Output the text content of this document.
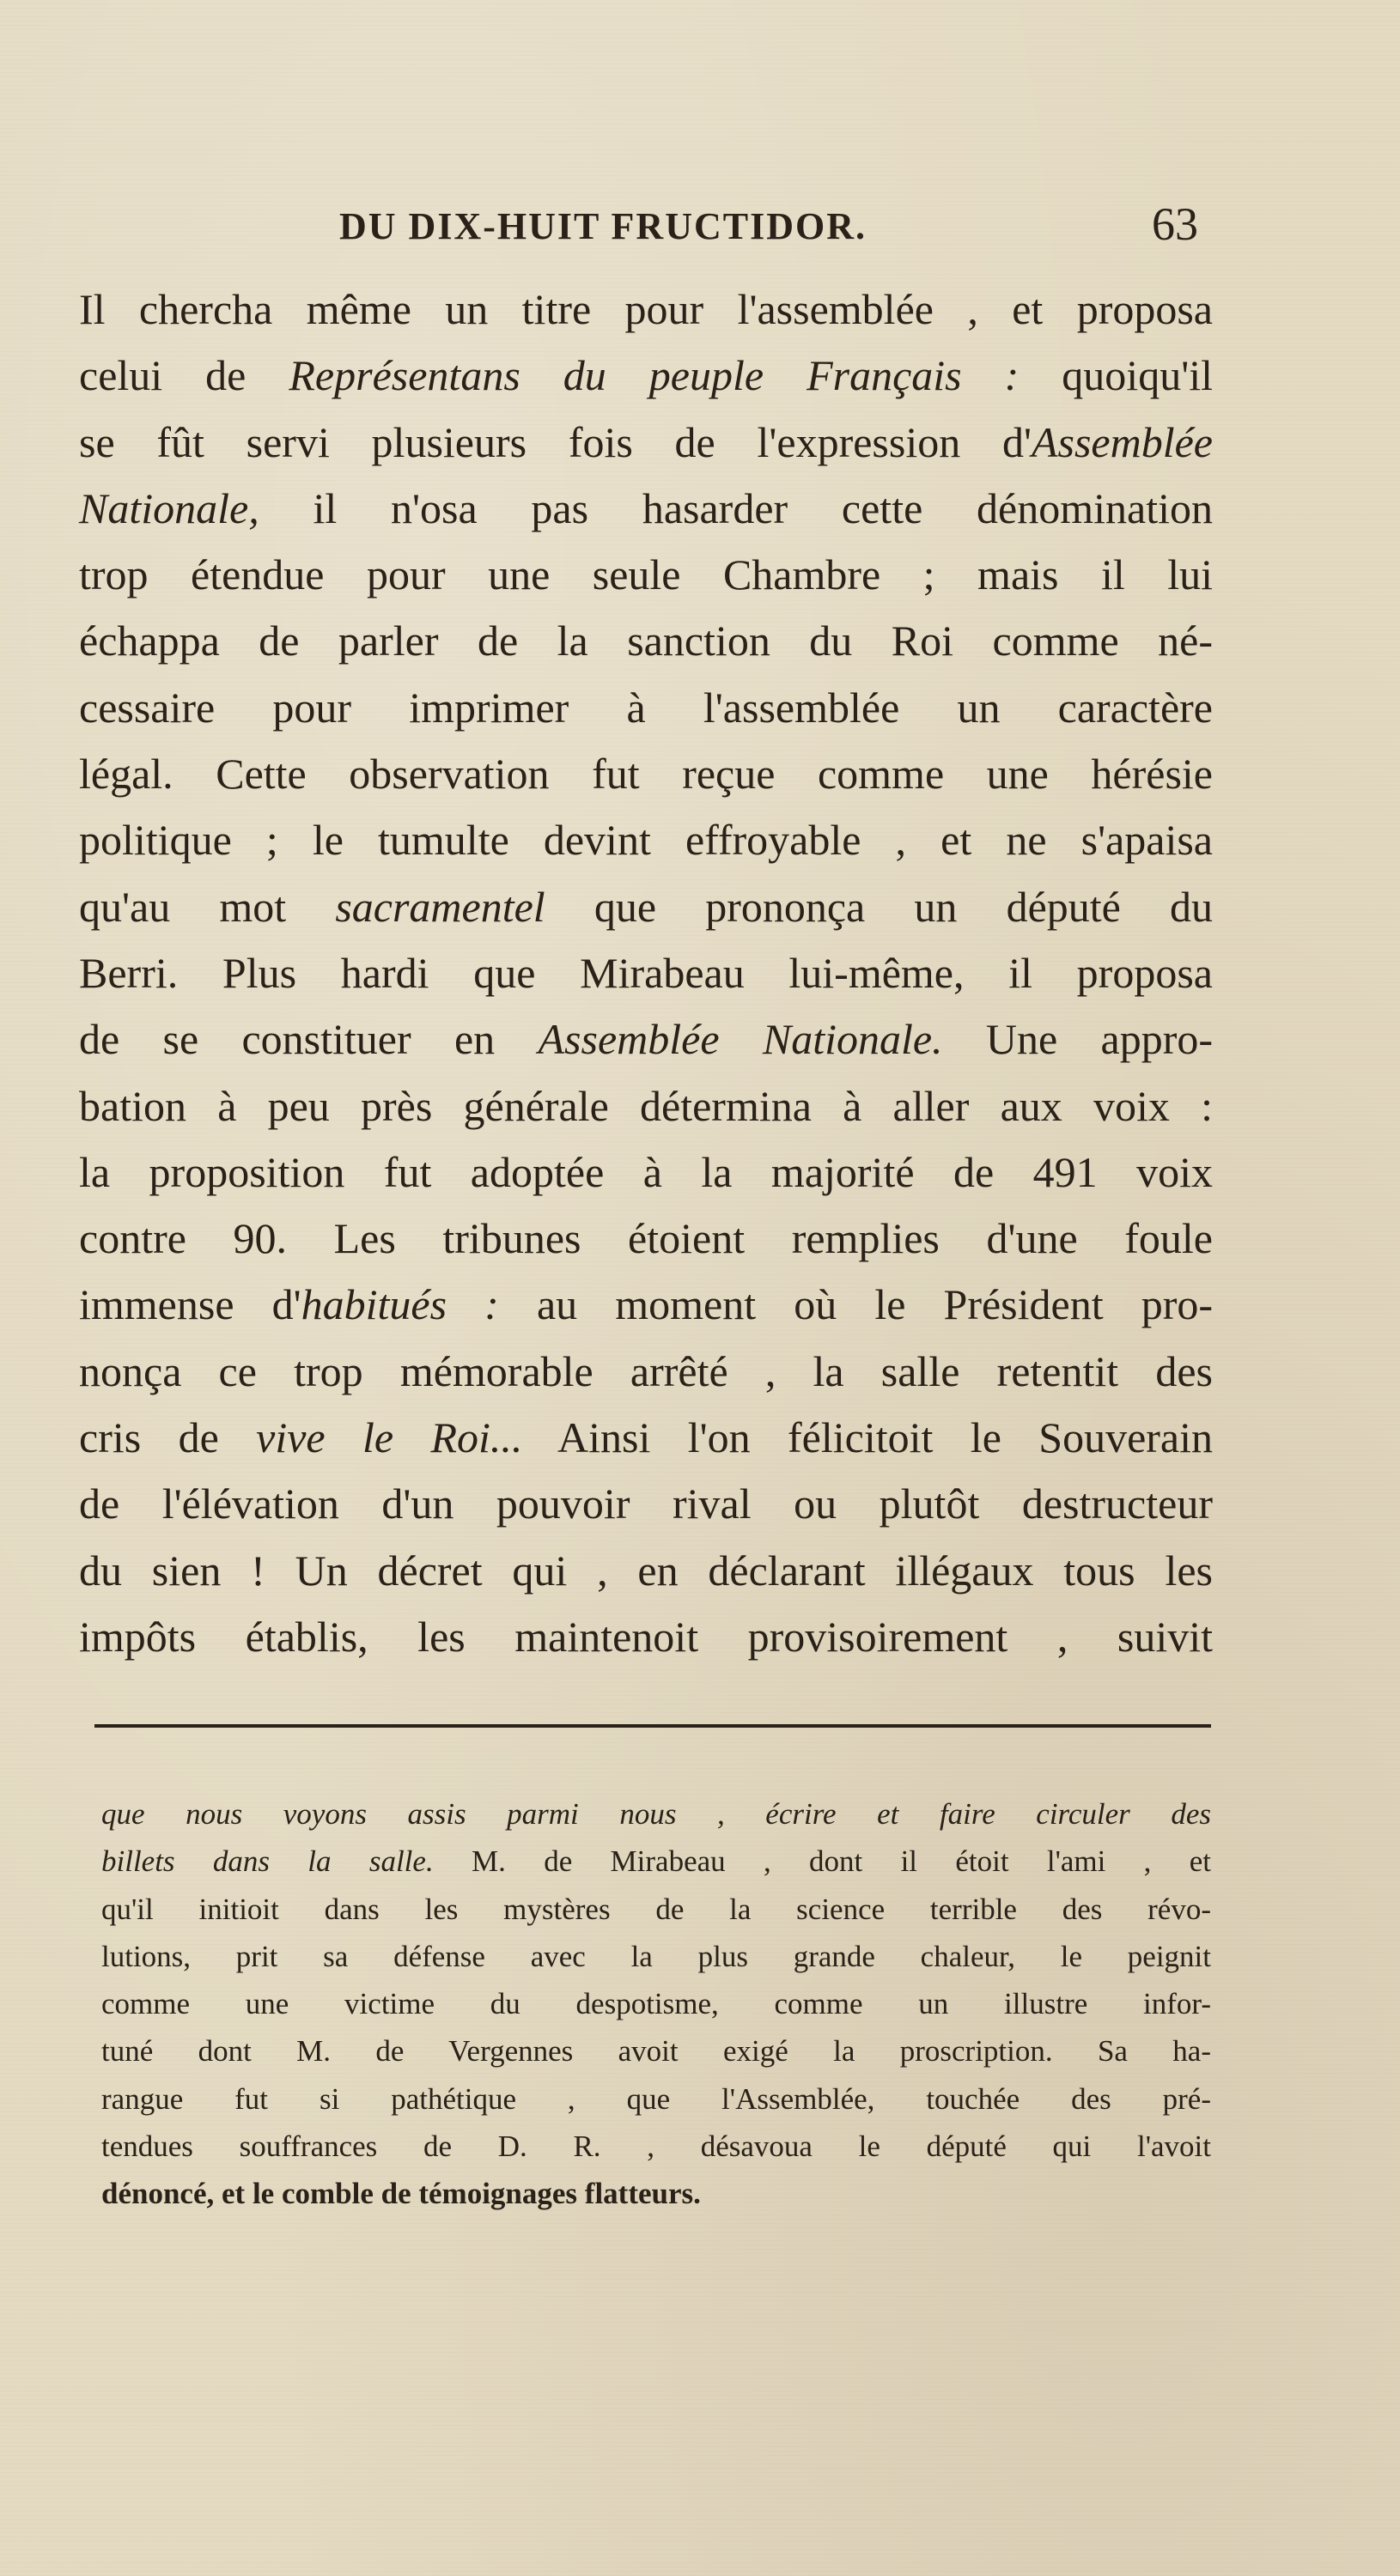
DU DIX-HUIT FRUCTIDOR.	63
Il chercha même un titre pour l'assemblée , et proposa
celui de Représentans du peuple Français : quoiqu'il
se fût servi plusieurs fois de l'expression d'Assemblée
Nationale, il n'osa pas hasarder cette dénomination
trop étendue pour une seule Chambre ; mais il lui
échappa de parler de la sanction du Roi comme né-
cessaire pour imprimer à l'assemblée un caractère
légal. Cette observation fut reçue comme une hérésie
politique ; le tumulte devint effroyable , et ne s'apaisa
qu'au mot sacramentel que prononça un député du
Berri. Plus hardi que Mirabeau lui-même, il proposa
de se constituer en Assemblée Nationale. Une appro-
bation à peu près générale détermina à aller aux voix :
la proposition fut adoptée à la majorité de 491 voix
contre 90. Les tribunes étoient remplies d'une foule
immense d'habitués : au moment où le Président pro-
nonça ce trop mémorable arrêté , la salle retentit des
cris de vive le Roi... Ainsi l'on félicitoit le Souverain
de l'élévation d'un pouvoir rival ou plutôt destructeur
du sien ! Un décret qui , en déclarant illégaux tous les
impôts établis, les maintenoit provisoirement , suivit
que nous voyons assis parmi nous , écrire et faire circuler des
billets dans la salle. M. de Mirabeau , dont il étoit l'ami , et
qu'il initioit dans les mystères de la science terrible des révo-
lutions, prit sa défense avec la plus grande chaleur, le peignit
comme une victime du despotisme, comme un illustre infor-
tuné dont M. de Vergennes avoit exigé la proscription. Sa ha-
rangue fut si pathétique , que l'Assemblée, touchée des pré-
tendues souffrances de D. R. , désavoua le député qui l'avoit
dénoncé, et le comble de témoignages flatteurs.
